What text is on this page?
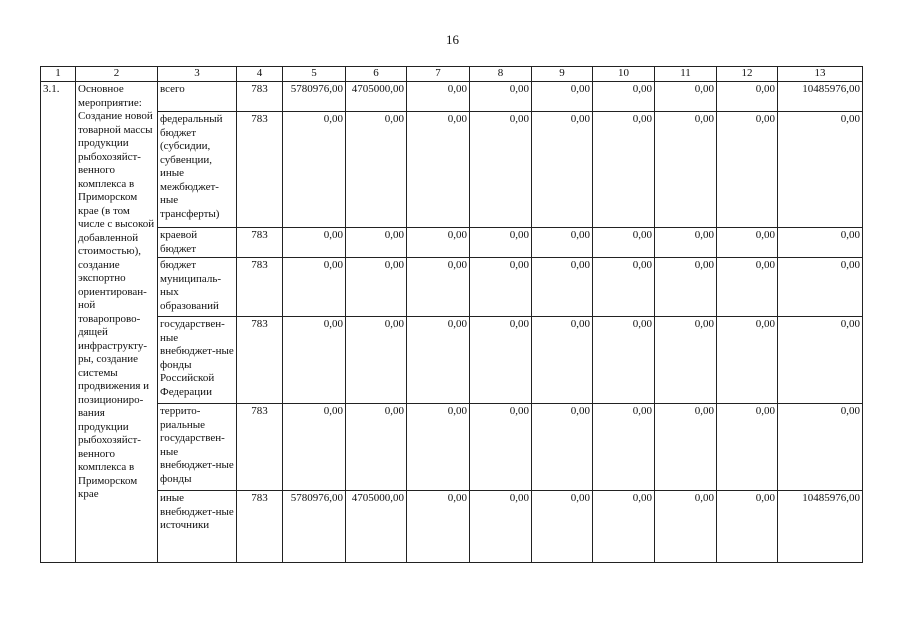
16
1	2	3	4	5	6	7	8	9	10	11	12	13
3.1.	Основное мероприятие: Создание новой товарной массы продукции рыбохозяйст-венного комплекса в Приморском крае (в том числе с высокой добавленной стоимостью), создание экспортно ориентирован-ной товаропрово-дящей инфраструкту-ры, создание системы продвижения и позициониро-вания продукции рыбохозяйст-венного комплекса в Приморском крае	всего	783	5780976,00	4705000,00	0,00	0,00	0,00	0,00	0,00	0,00	10485976,00
		федеральный бюджет (субсидии, субвенции, иные межбюджет-ные трансферты)	783	0,00	0,00	0,00	0,00	0,00	0,00	0,00	0,00	0,00
		краевой бюджет	783	0,00	0,00	0,00	0,00	0,00	0,00	0,00	0,00	0,00
		бюджет муниципаль-ных образований	783	0,00	0,00	0,00	0,00	0,00	0,00	0,00	0,00	0,00
		государствен-ные внебюджет-ные фонды Российской Федерации	783	0,00	0,00	0,00	0,00	0,00	0,00	0,00	0,00	0,00
		террито-риальные государствен-ные внебюджет-ные фонды	783	0,00	0,00	0,00	0,00	0,00	0,00	0,00	0,00	0,00
		иные внебюджет-ные источники	783	5780976,00	4705000,00	0,00	0,00	0,00	0,00	0,00	0,00	10485976,00
